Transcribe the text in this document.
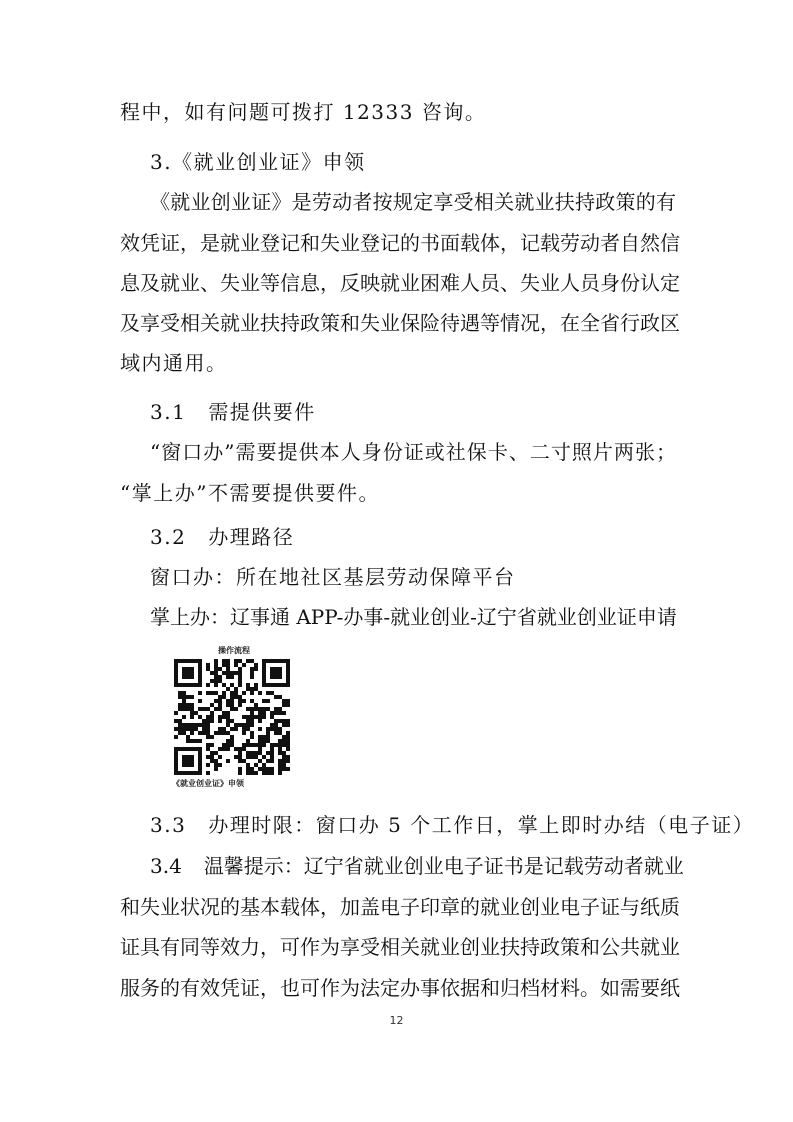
程中，如有问题可拨打 12333 咨询。
3.《就业创业证》申领
《就业创业证》是劳动者按规定享受相关就业扶持政策的有
效凭证，是就业登记和失业登记的书面载体，记载劳动者自然信
息及就业、失业等信息，反映就业困难人员、失业人员身份认定
及享受相关就业扶持政策和失业保险待遇等情况，在全省行政区
域内通用。
3.1 需提供要件
“窗口办”需要提供本人身份证或社保卡、二寸照片两张；
“掌上办”不需要提供要件。
3.2 办理路径
窗口办：所在地社区基层劳动保障平台
掌上办：辽事通 APP-办事-就业创业-辽宁省就业创业证申请
操作流程
《就业创业证》申领
3.3 办理时限：窗口办 5 个工作日，掌上即时办结（电子证）
3.4 温馨提示：辽宁省就业创业电子证书是记载劳动者就业
和失业状况的基本载体，加盖电子印章的就业创业电子证与纸质
证具有同等效力，可作为享受相关就业创业扶持政策和公共就业
服务的有效凭证，也可作为法定办事依据和归档材料。如需要纸
12
